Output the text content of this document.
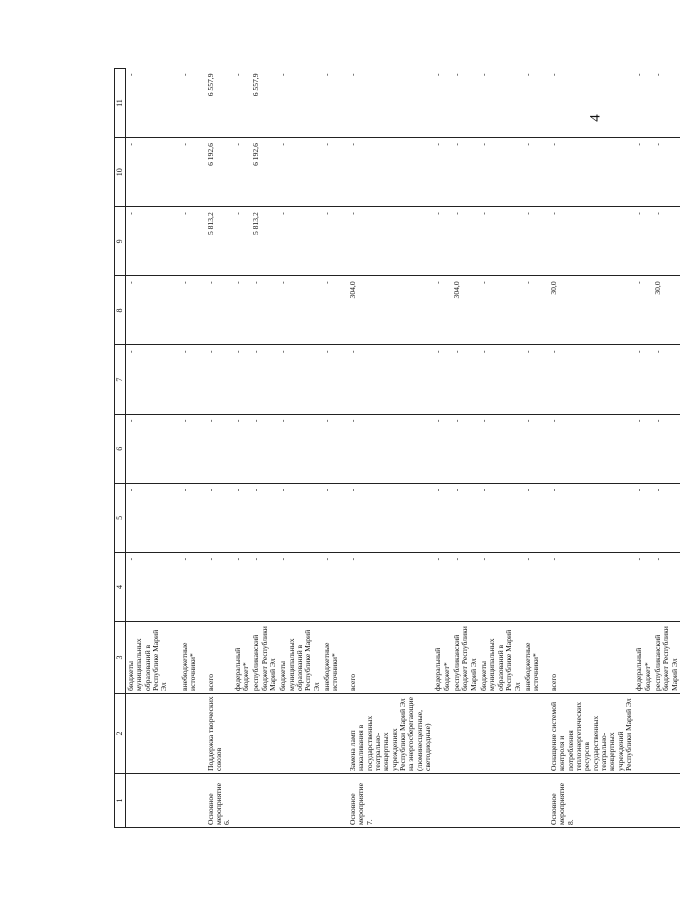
4
1	2	3	4	5	6	7	8	9	10	11
		бюджеты муниципальных образований в Республике Марий Эл	-	-	-	-	-	-	-	-
		внебюджетные источники*	-	-	-	-	-	-	-	-
Основное мероприятие 6.	Поддержка творческих союзов	всего	-	-	-	-	-	5 813,2	6 192,6	6 557,9
		федеральный бюджет*	-	-	-	-	-	-	-	-
		республиканский бюджет Республики Марий Эл	-	-	-	-	-	5 813,2	6 192,6	6 557,9
		бюджеты муниципальных образований в Республике Марий Эл	-	-	-	-	-	-	-	-
		внебюджетные источники*	-	-	-	-	-	-	-	-
Основное мероприятие 7.	Замена ламп накаливания в государственных театрально-концертных учреждениях Республики Марий Эл на энергосберегающие (люминесцентные, светодиодные)	всего	-	-	-	-	304,0	-	-	-
		федеральный бюджет*	-	-	-	-	-	-	-	-
		республиканский бюджет Республики Марий Эл	-	-	-	-	304,0	-	-	-
		бюджеты муниципальных образований в Республике Марий Эл	-	-	-	-	-	-	-	-
		внебюджетные источники*	-	-	-	-	-	-	-	-
Основное мероприятие 8.	Оснащение системой контроля и потребления теплоэнергетических ресурсов государственных театрально-концертных учреждений Республики Марий Эл	всего	-	-	-	-	30,0	-	-	-
		федеральный бюджет*	-	-	-	-	-	-	-	-
		республиканский бюджет Республики Марий Эл	-	-	-	-	30,0	-	-	-
